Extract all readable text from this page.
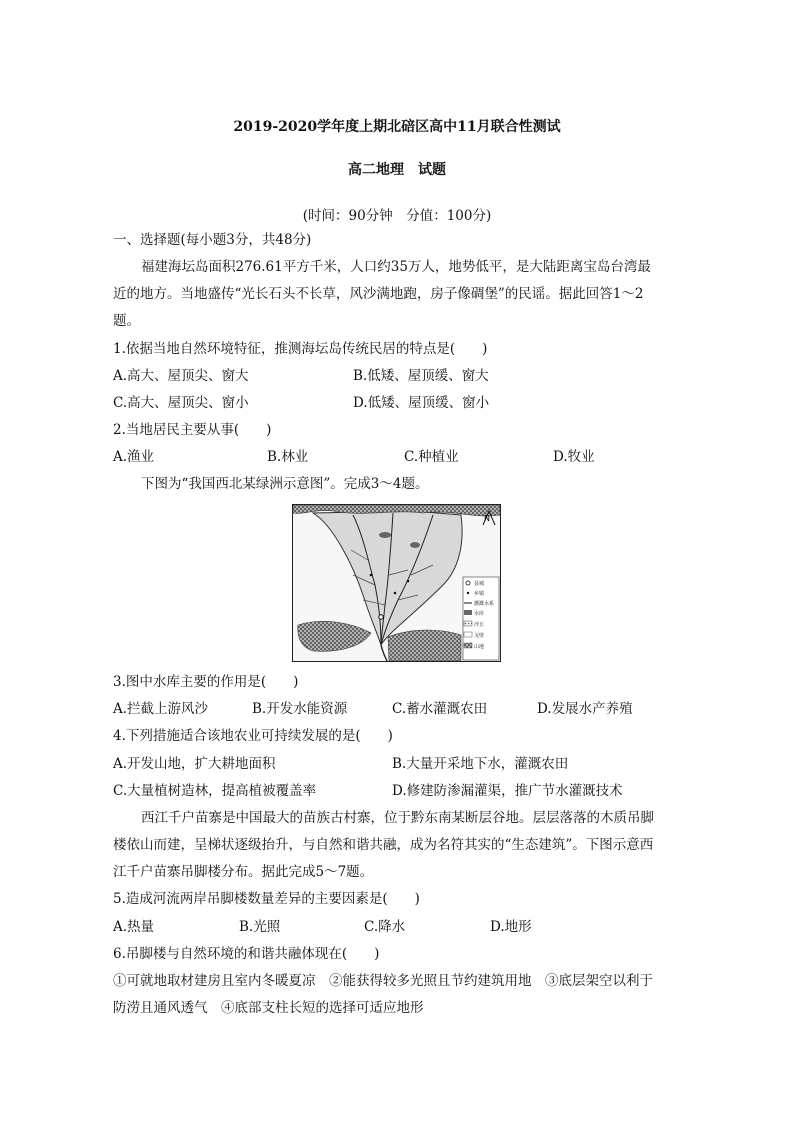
2019-2020学年度上期北碚区高中11月联合性测试
高二地理　试题
(时间：90分钟　分值：100分)
一、选择题(每小题3分，共48分)
福建海坛岛面积276.61平方千米，人口约35万人，地势低平，是大陆距离宝岛台湾最
近的地方。当地盛传“光长石头不长草，风沙满地跑，房子像碉堡”的民谣。据此回答1～2
题。
1.依据当地自然环境特征，推测海坛岛传统民居的特点是(　　)
A.高大、屋顶尖、窗大	B.低矮、屋顶缓、窗大
C.高大、屋顶尖、窗小	D.低矮、屋顶缓、窗小
2.当地居民主要从事(　　)
A.渔业	B.林业	C.种植业	D.牧业
下图为“我国西北某绿洲示意图”。完成3～4题。
N
县城
乡镇
灌溉水系
水库
沙丘
戈壁
山地
3.图中水库主要的作用是(　　)
A.拦截上游风沙	B.开发水能资源	C.蓄水灌溉农田	D.发展水产养殖
4.下列措施适合该地农业可持续发展的是(　　)
A.开发山地，扩大耕地面积	B.大量开采地下水，灌溉农田
C.大量植树造林，提高植被覆盖率	D.修建防渗漏灌渠，推广节水灌溉技术
西江千户苗寨是中国最大的苗族古村寨，位于黔东南某断层谷地。层层落落的木质吊脚
楼依山而建，呈梯状逐级抬升，与自然和谐共融，成为名符其实的“生态建筑”。下图示意西
江千户苗寨吊脚楼分布。据此完成5～7题。
5.造成河流两岸吊脚楼数量差异的主要因素是(　　)
A.热量	B.光照	C.降水	D.地形
6.吊脚楼与自然环境的和谐共融体现在(　　)
①可就地取材建房且室内冬暖夏凉　②能获得较多光照且节约建筑用地　③底层架空以利于
防涝且通风透气　④底部支柱长短的选择可适应地形
